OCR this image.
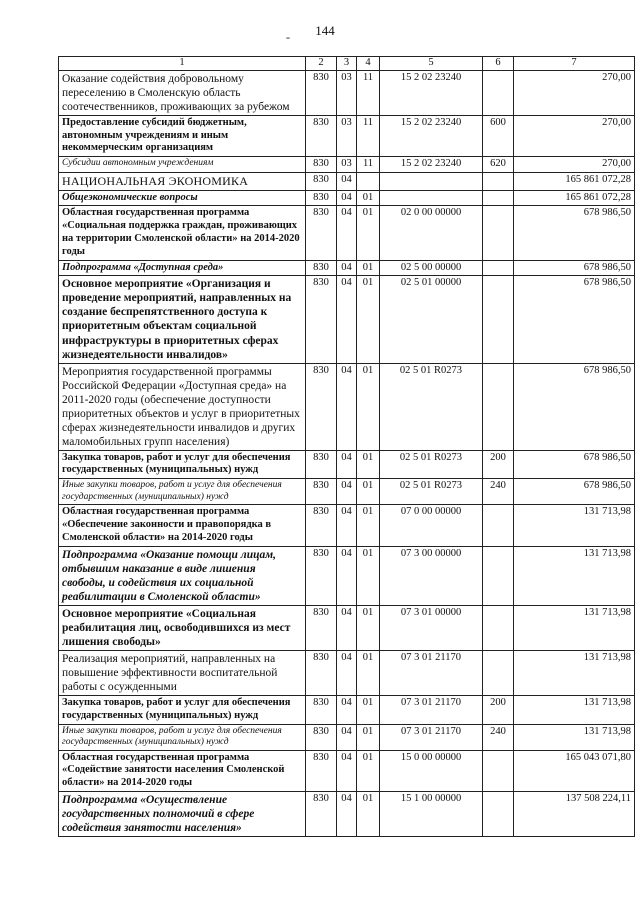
-	144
1	2	3	4	5	6	7
Оказание содействия добровольному переселению в Смоленскую область соотечественников, проживающих за рубежом	830	03	11	15 2 02 23240		270,00
Предоставление субсидий бюджетным, автономным учреждениям и иным некоммерческим организациям	830	03	11	15 2 02 23240	600	270,00
Субсидии автономным учреждениям	830	03	11	15 2 02 23240	620	270,00
НАЦИОНАЛЬНАЯ ЭКОНОМИКА	830	04				165 861 072,28
Общеэкономические вопросы	830	04	01			165 861 072,28
Областная государственная программа «Социальная поддержка граждан, проживающих на территории Смоленской области» на 2014-2020 годы	830	04	01	02 0 00 00000		678 986,50
Подпрограмма «Доступная среда»	830	04	01	02 5 00 00000		678 986,50
Основное мероприятие «Организация и проведение мероприятий, направленных на создание беспрепятственного доступа к приоритетным объектам социальной инфраструктуры в приоритетных сферах жизнедеятельности инвалидов»	830	04	01	02 5 01 00000		678 986,50
Мероприятия государственной программы Российской Федерации «Доступная среда» на 2011-2020 годы (обеспечение доступности приоритетных объектов и услуг в приоритетных сферах жизнедеятельности инвалидов и других маломобильных групп населения)	830	04	01	02 5 01 R0273		678 986,50
Закупка товаров, работ и услуг для обеспечения государственных (муниципальных) нужд	830	04	01	02 5 01 R0273	200	678 986,50
Иные закупки товаров, работ и услуг для обеспечения государственных (муниципальных) нужд	830	04	01	02 5 01 R0273	240	678 986,50
Областная государственная программа «Обеспечение законности и правопорядка в Смоленской области» на 2014-2020 годы	830	04	01	07 0 00 00000		131 713,98
Подпрограмма «Оказание помощи лицам, отбывшим наказание в виде лишения свободы, и содействия их социальной реабилитации в Смоленской области»	830	04	01	07 3 00 00000		131 713,98
Основное мероприятие «Социальная реабилитация лиц, освободившихся из мест лишения свободы»	830	04	01	07 3 01 00000		131 713,98
Реализация мероприятий, направленных на повышение эффективности воспитательной работы с осужденными	830	04	01	07 3 01 21170		131 713,98
Закупка товаров, работ и услуг для обеспечения государственных (муниципальных) нужд	830	04	01	07 3 01 21170	200	131 713,98
Иные закупки товаров, работ и услуг для обеспечения государственных (муниципальных) нужд	830	04	01	07 3 01 21170	240	131 713,98
Областная государственная программа «Содействие занятости населения Смоленской области» на 2014-2020 годы	830	04	01	15 0 00 00000		165 043 071,80
Подпрограмма «Осуществление государственных полномочий в сфере содействия занятости населения»	830	04	01	15 1 00 00000		137 508 224,11
